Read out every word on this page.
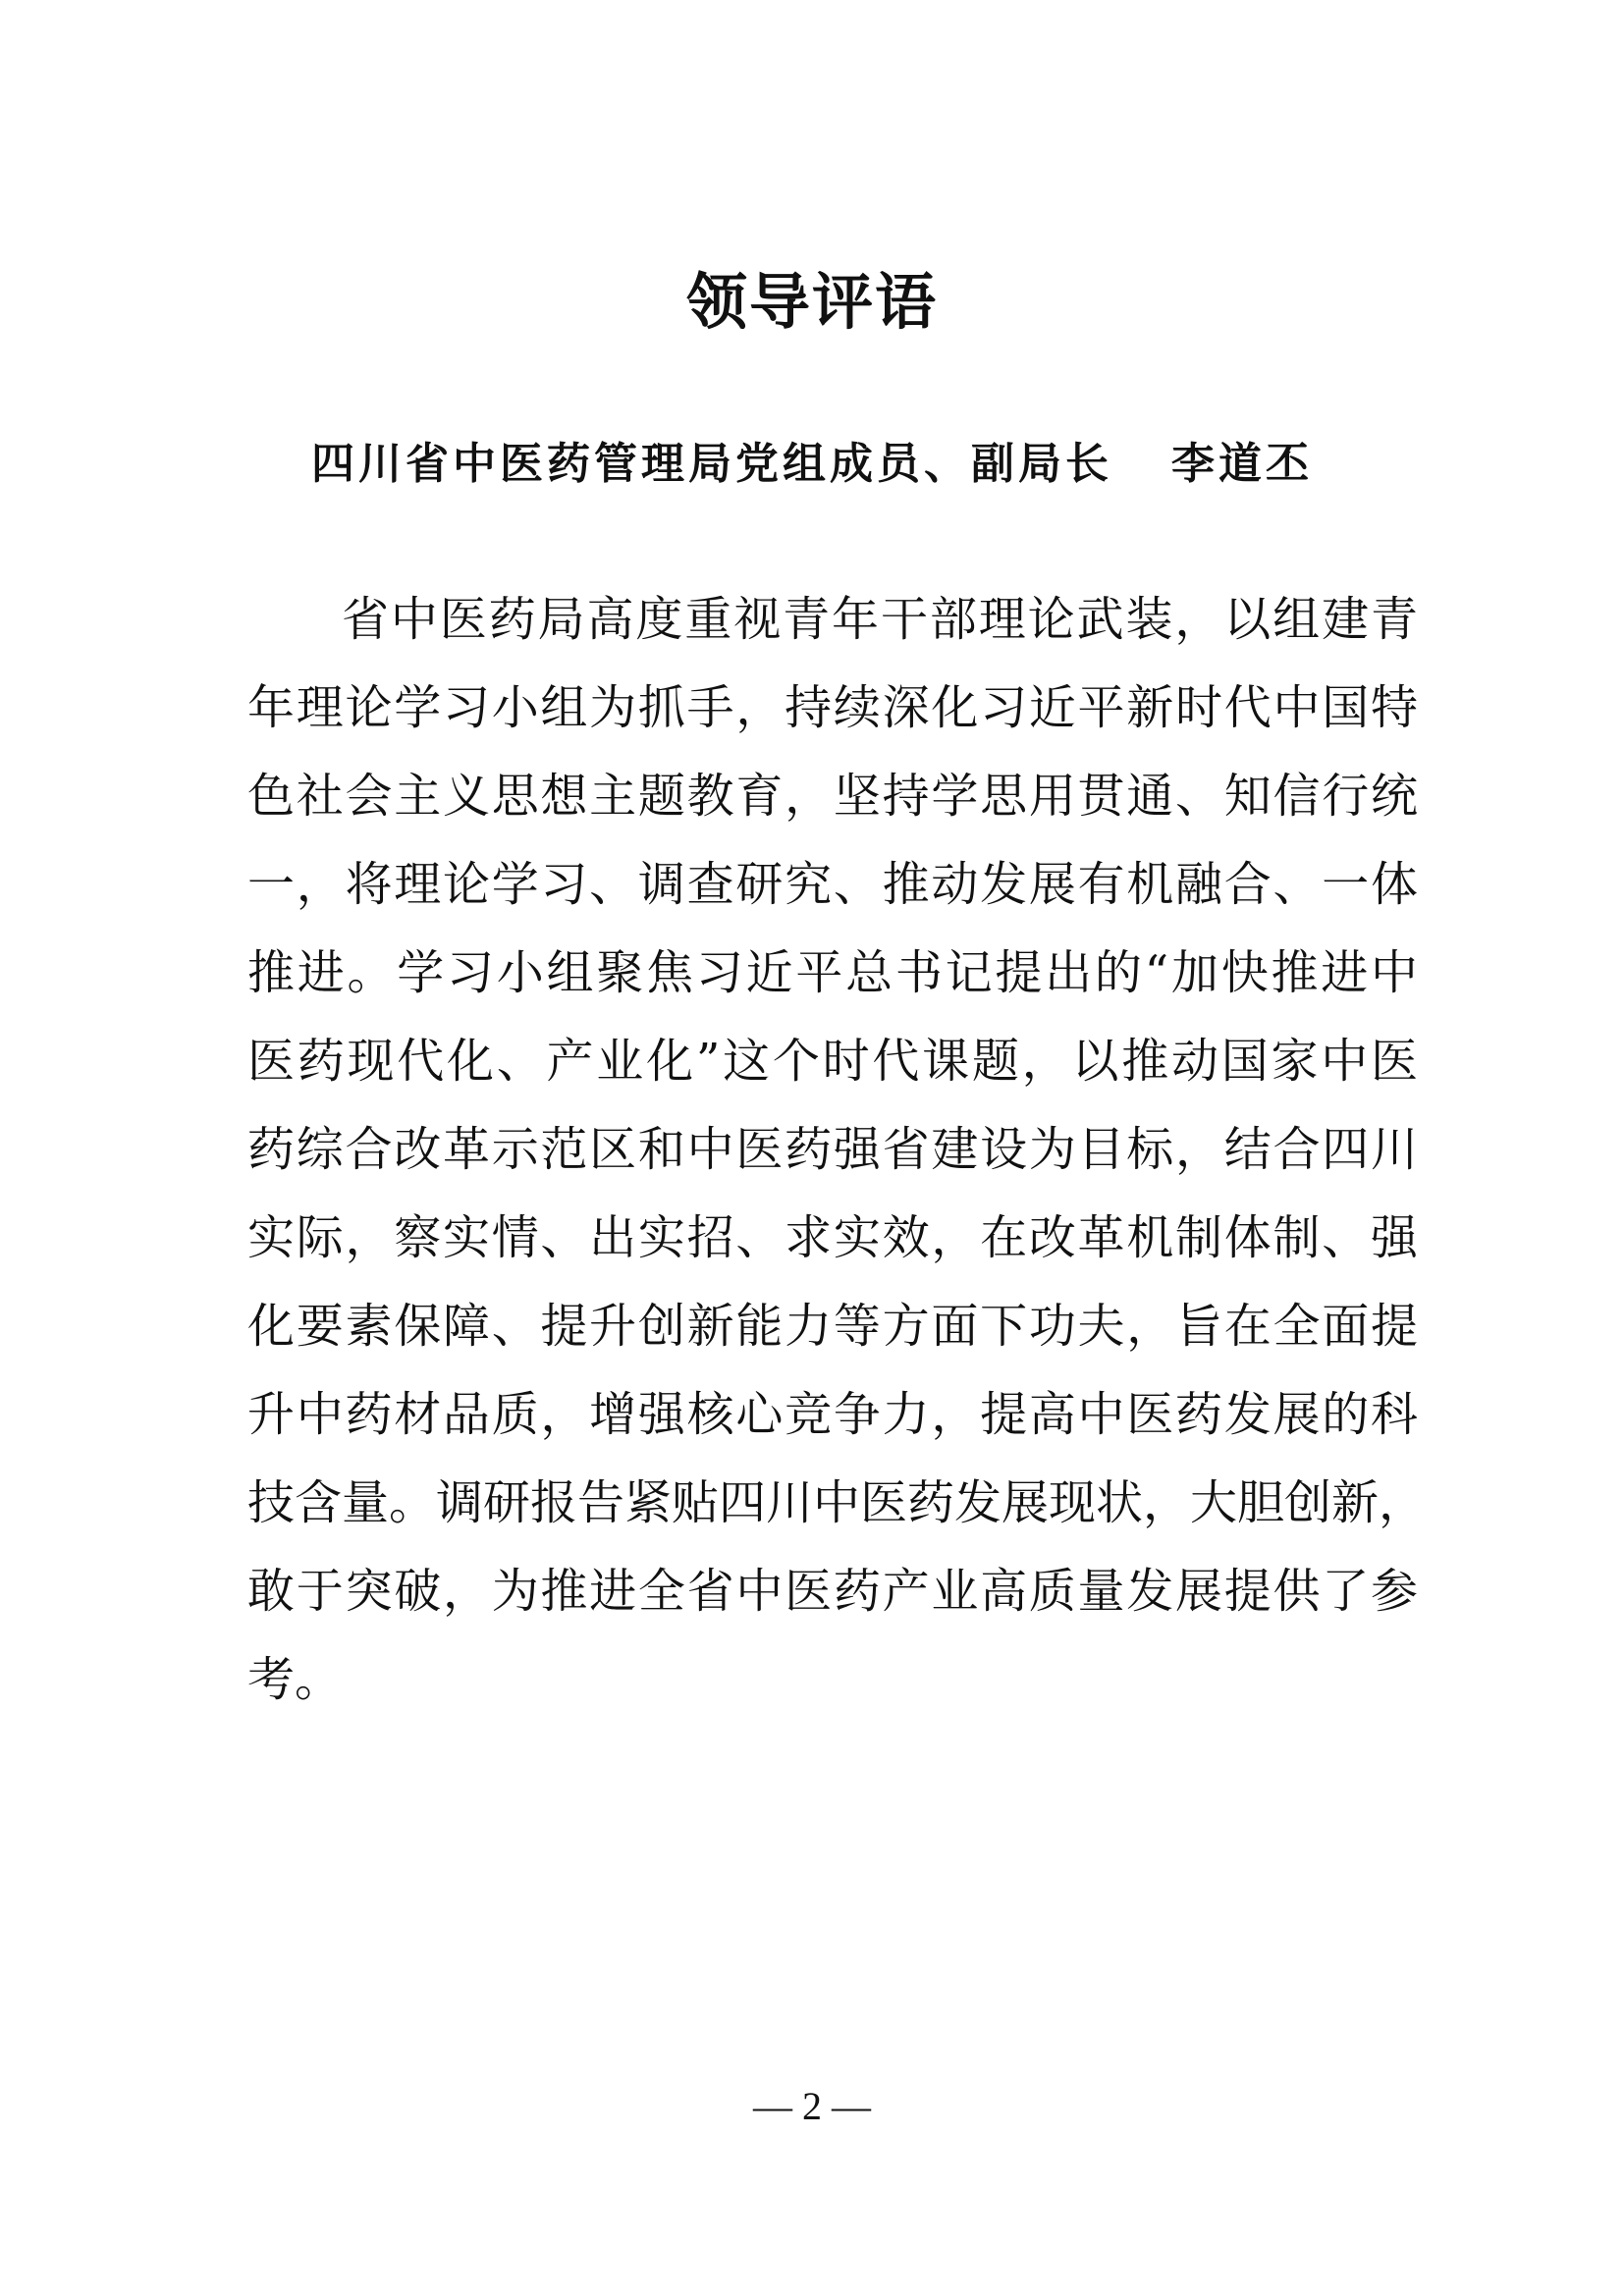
领导评语
四川省中医药管理局党组成员、副局长 李道丕
省中医药局高度重视青年干部理论武装，以组建青
年理论学习小组为抓手，持续深化习近平新时代中国特
色社会主义思想主题教育，坚持学思用贯通、知信行统
一，将理论学习、调查研究、推动发展有机融合、一体
推进。学习小组聚焦习近平总书记提出的“加快推进中
医药现代化、产业化”这个时代课题，以推动国家中医
药综合改革示范区和中医药强省建设为目标，结合四川
实际，察实情、出实招、求实效，在改革机制体制、强
化要素保障、提升创新能力等方面下功夫，旨在全面提
升中药材品质，增强核心竞争力，提高中医药发展的科
技含量。调研报告紧贴四川中医药发展现状，大胆创新，
敢于突破，为推进全省中医药产业高质量发展提供了参
考。
— 2 —
